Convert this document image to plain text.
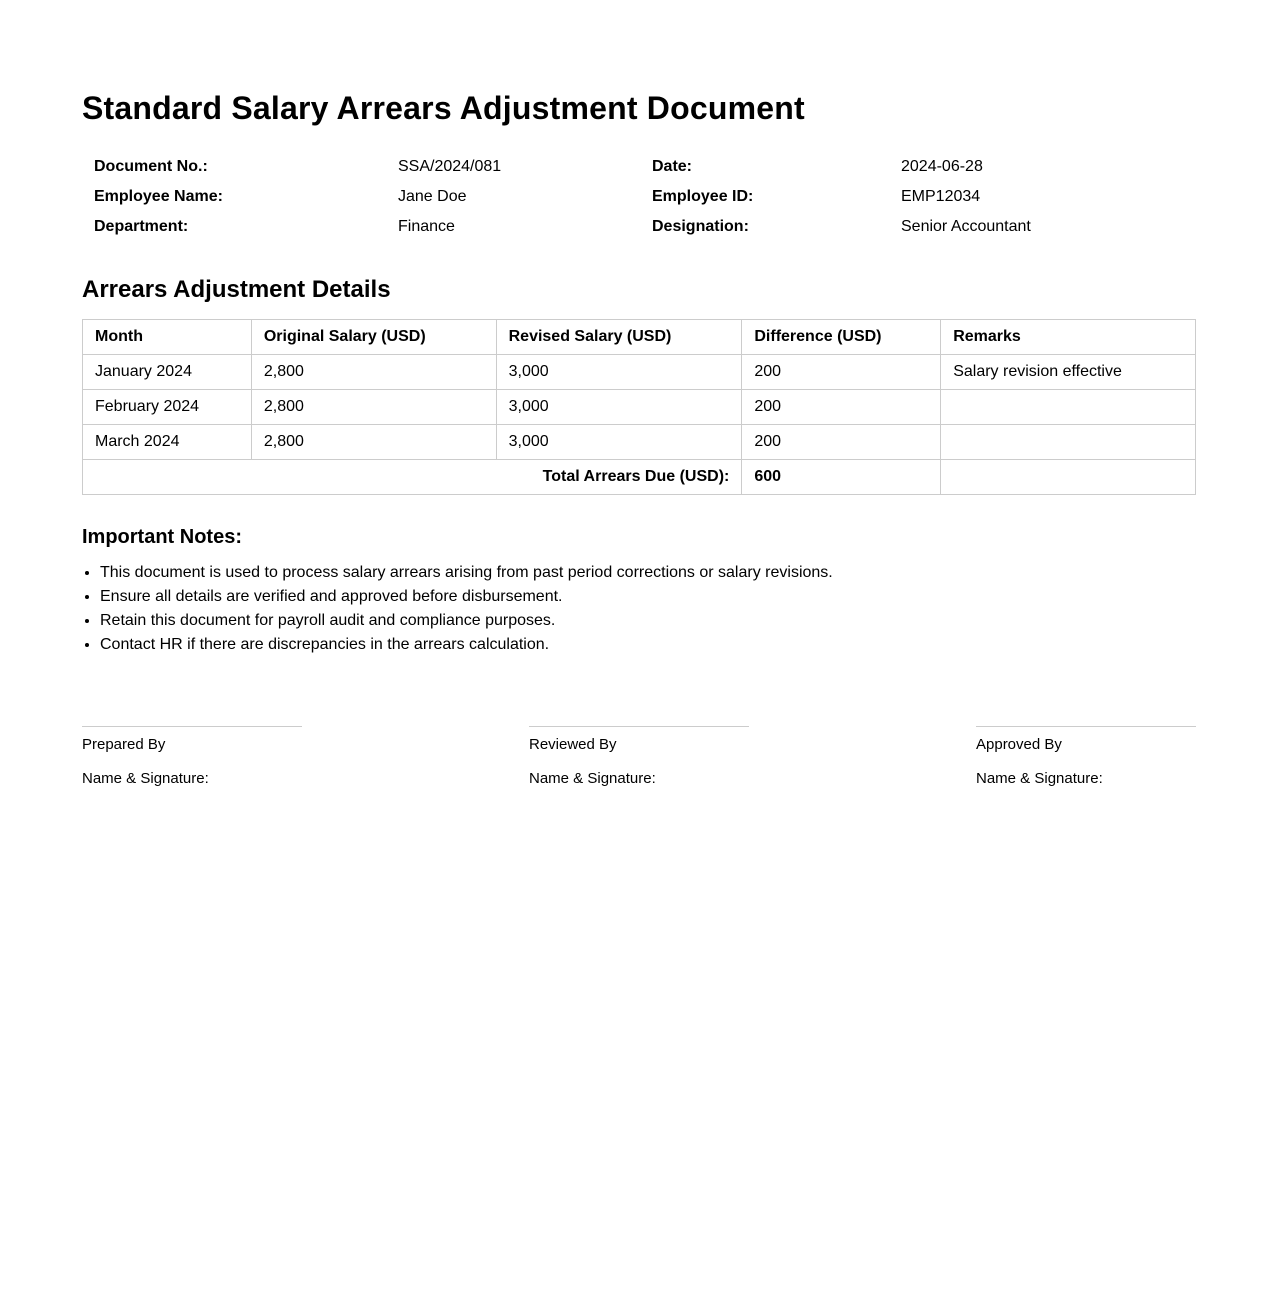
Standard Salary Arrears Adjustment Document
Document No.:	SSA/2024/081	Date:	2024-06-28
Employee Name:	Jane Doe	Employee ID:	EMP12034
Department:	Finance	Designation:	Senior Accountant
Arrears Adjustment Details
Month	Original Salary (USD)	Revised Salary (USD)	Difference (USD)	Remarks
January 2024	2,800	3,000	200	Salary revision effective
February 2024	2,800	3,000	200	
March 2024	2,800	3,000	200	
Total Arrears Due (USD):			600	
Important Notes:
• This document is used to process salary arrears arising from past period corrections or salary revisions.
• Ensure all details are verified and approved before disbursement.
• Retain this document for payroll audit and compliance purposes.
• Contact HR if there are discrepancies in the arrears calculation.
Prepared By
Name & Signature:
Reviewed By
Name & Signature:
Approved By
Name & Signature:
